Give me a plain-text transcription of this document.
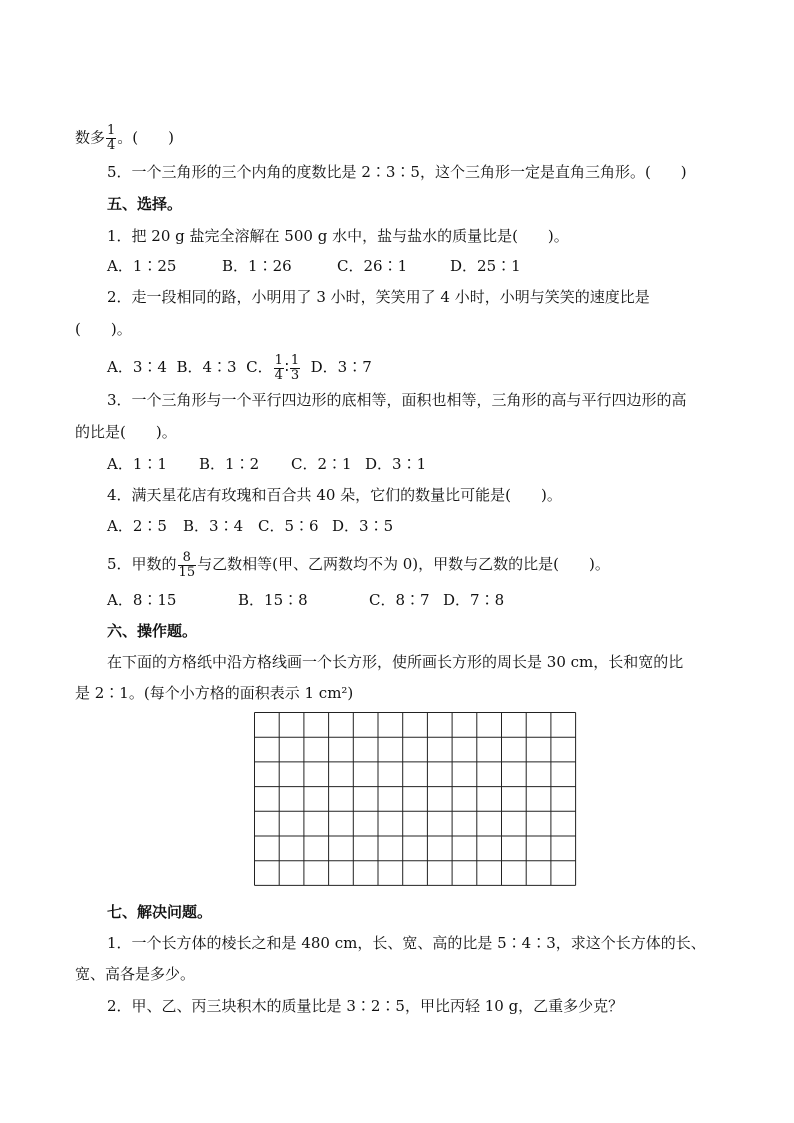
数多 $\frac{1}{4}$ 。(　　)
5．一个三角形的三个内角的度数比是 2∶3∶5，这个三角形一定是直角三角形。(　　)
五、选择。
1．把 20 g 盐完全溶解在 500 g 水中，盐与盐水的质量比是(　　)。
A．1∶25	B．1∶26	C．26∶1	D．25∶1
2．走一段相同的路，小明用了 3 小时，笑笑用了 4 小时，小明与笑笑的速度比是
(　　)。
A．3∶4 B．4∶3 C． $\frac{1}{4}$ ∶ $\frac{1}{3}$ D．3∶7
3．一个三角形与一个平行四边形的底相等，面积也相等，三角形的高与平行四边形的高
的比是(　　)。
A．1∶1 B．1∶2 C．2∶1 D．3∶1
4．满天星花店有玫瑰和百合共 40 朵，它们的数量比可能是(　　)。
A．2∶5 B．3∶4 C．5∶6 D．3∶5
5．甲数的 $\frac{8}{15}$ 与乙数相等(甲、乙两数均不为 0)，甲数与乙数的比是(　　)。
A．8∶15	B．15∶8	C．8∶7 D．7∶8
六、操作题。
在下面的方格纸中沿方格线画一个长方形，使所画长方形的周长是 30 cm，长和宽的比
是 2∶1。(每个小方格的面积表示 1 cm²)
七、解决问题。
1．一个长方体的棱长之和是 480 cm，长、宽、高的比是 5∶4∶3，求这个长方体的长、
宽、高各是多少。
2．甲、乙、丙三块积木的质量比是 3∶2∶5，甲比丙轻 10 g，乙重多少克？
